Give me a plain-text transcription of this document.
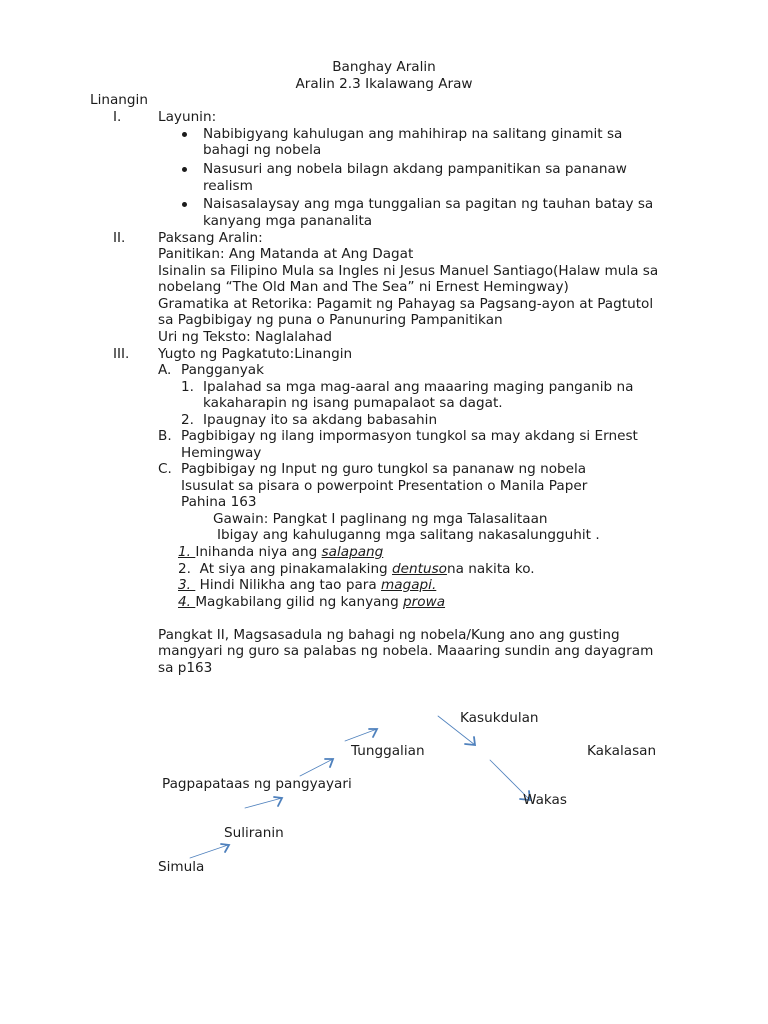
Banghay Aralin
Aralin 2.3 Ikalawang Araw
Linangin
I.	Layunin:
Nabibigyang kahulugan ang mahihirap na salitang ginamit sa
bahagi ng nobela
Nasusuri ang nobela bilagn akdang pampanitikan sa pananaw
realism
Naisasalaysay ang mga tunggalian sa pagitan ng tauhan batay sa
kanyang mga pananalita
II. Paksang Aralin:
Panitikan: Ang Matanda at Ang Dagat
Isinalin sa Filipino Mula sa Ingles ni Jesus Manuel Santiago(Halaw mula sa
nobelang “The Old Man and The Sea” ni Ernest Hemingway)
Gramatika at Retorika: Pagamit ng Pahayag sa Pagsang-ayon at Pagtutol
sa Pagbibigay ng puna o Panunuring Pampanitikan
Uri ng Teksto: Naglalahad
III. Yugto ng Pagkatuto:Linangin
A. Pangganyak
1. Ipalahad sa mga mag-aaral ang maaaring maging panganib na
kakaharapin ng isang pumapalaot sa dagat.
2. Ipaugnay ito sa akdang babasahin
B. Pagbibigay ng ilang impormasyon tungkol sa may akdang si Ernest
Hemingway
C. Pagbibigay ng Input ng guro tungkol sa pananaw ng nobela
Isusulat sa pisara o powerpoint Presentation o Manila Paper
Pahina 163
Gawain: Pangkat I paglinang ng mga Talasalitaan
Ibigay ang kahuluganng mga salitang nakasalungguhit .
1. Inihanda niya ang salapang
2. At siya ang pinakamalaking dentusona nakita ko.
3. Hindi Nilikha ang tao para magapi.
4. Magkabilang gilid ng kanyang prowa
Pangkat II, Magsasadula ng bahagi ng nobela/Kung ano ang gusting
mangyari ng guro sa palabas ng nobela. Maaaring sundin ang dayagram
sa p163
Simula
Suliranin
Pagpapataas ng pangyayari
Tunggalian
Kasukdulan
Kakalasan
Wakas
